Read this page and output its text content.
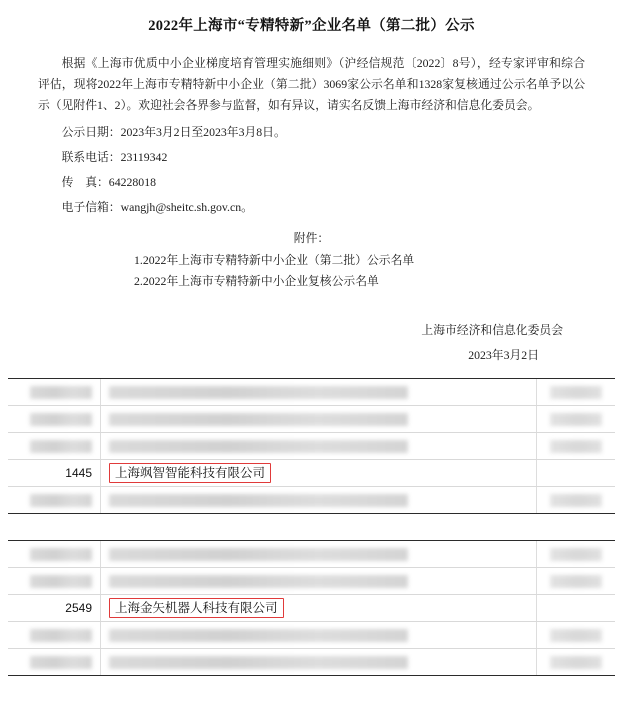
2022年上海市“专精特新”企业名单（第二批）公示

根据《上海市优质中小企业梯度培育管理实施细则》（沪经信规范〔2022〕8号），经专家评审和综合评估，现将2022年上海市专精特新中小企业（第二批）3069家公示名单和1328家复核通过公示名单予以公示（见附件1、2）。欢迎社会各界参与监督，如有异议，请实名反馈上海市经济和信息化委员会。

公示日期：2023年3月2日至2023年3月8日。

联系电话：23119342

传　真：64228018

电子信箱：wangjh@sheitc.sh.gov.cn。

附件：

1.2022年上海市专精特新中小企业（第二批）公示名单

2.2022年上海市专精特新中小企业复核公示名单

上海市经济和信息化委员会
2023年3月2日
1445	上海飒智智能科技有限公司
2549	上海金矢机器人科技有限公司
